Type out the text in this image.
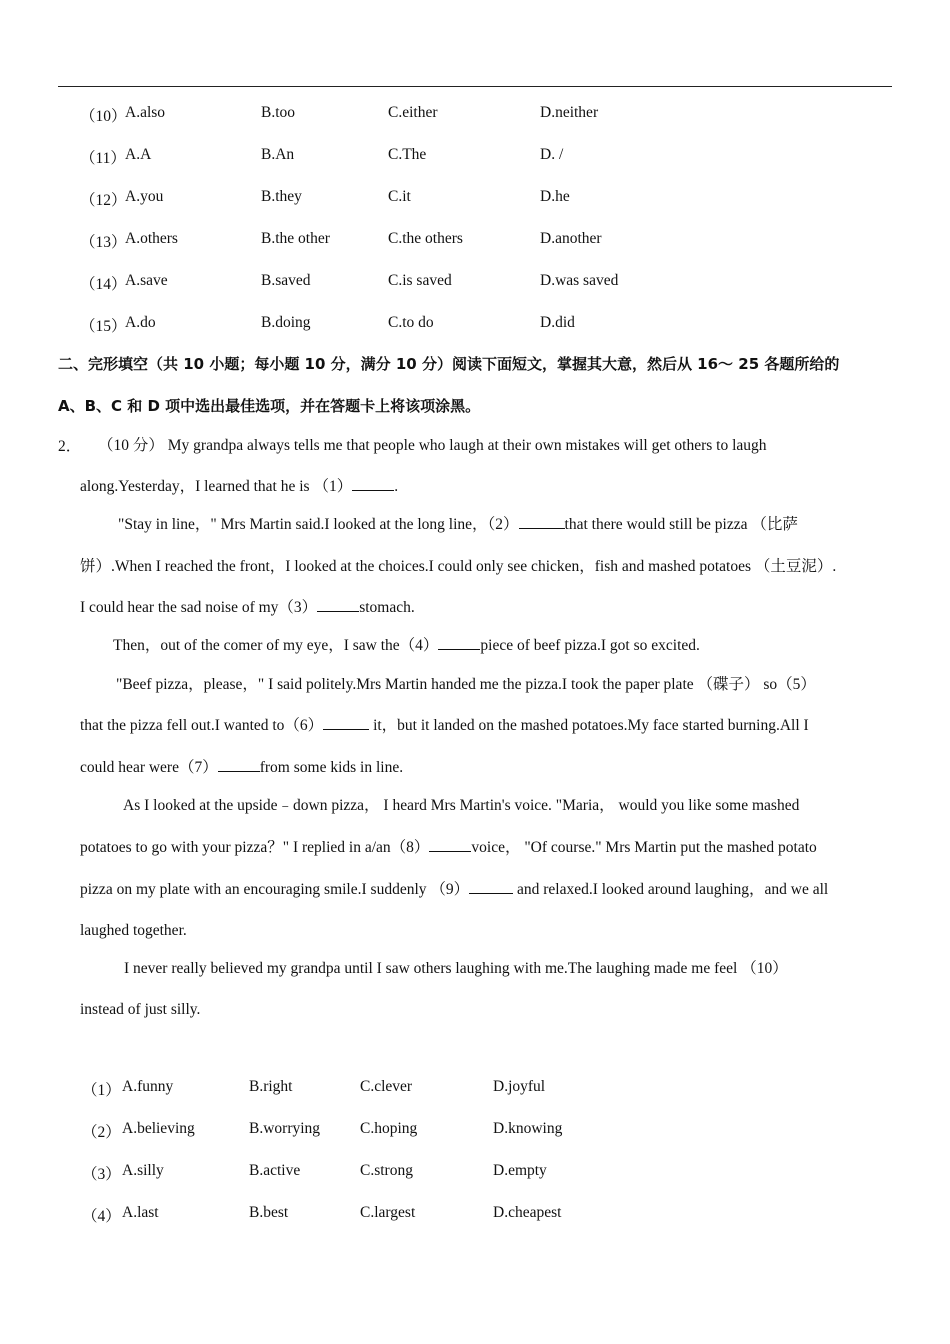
（10）
A.also	B.too	C.either	D.neither
（11） A.A	B.An	C.The	D. /
（12）
A.you	B.they	C.it	D.he
（13）
A.others	B.the other	C.the others	D.another
（14）
A.save	B.saved	C.is saved	D.was saved
（15）
A.do	B.doing	C.to do	D.did
二、完形填空（共 10 小题；每小题 10 分，满分 10 分）阅读下面短文，掌握其大意，然后从 16～ 25 各题所给的
A、B、C 和 D 项中选出最佳选项，并在答题卡上将该项涂黑。
2． （10 分） My grandpa always tells me that people who laugh at their own mistakes will get others to laugh
along.Yesterday，I learned that he is （1）	.
"Stay in line，" Mrs Martin said.I looked at the long line，（2）	that there would still be pizza （比萨
饼）.When I reached the front，I looked at the choices.I could only see chicken，fish and mashed potatoes （土豆泥）.
I could hear the sad noise of my（3）	stomach.
Then，out of the comer of my eye，I saw the（4）	piece of beef pizza.I got so excited.
"Beef pizza，please，" I said politely.Mrs Martin handed me the pizza.I took the paper plate （碟子） so（5）
that the pizza fell out.I wanted to（6）	it，but it landed on the mashed potatoes.My face started burning.All I
could hear were（7）	from some kids in line.
As I looked at the upside﹣down pizza， I heard Mrs Martin's voice. "Maria， would you like some mashed
potatoes to go with your pizza？" I replied in a/an（8）	voice， "Of course." Mrs Martin put the mashed potato
pizza on my plate with an encouraging smile.I suddenly （9）	and relaxed.I looked around laughing，and we all
laughed together.
I never really believed my grandpa until I saw others laughing with me.The laughing made me feel （10）
instead of just silly.
（1） A.funny	B.right	C.clever	D.joyful
（2） A.believing	B.worrying	C.hoping	D.knowing
（3） A.silly	B.active	C.strong	D.empty
（4） A.last	B.best	C.largest	D.cheapest
